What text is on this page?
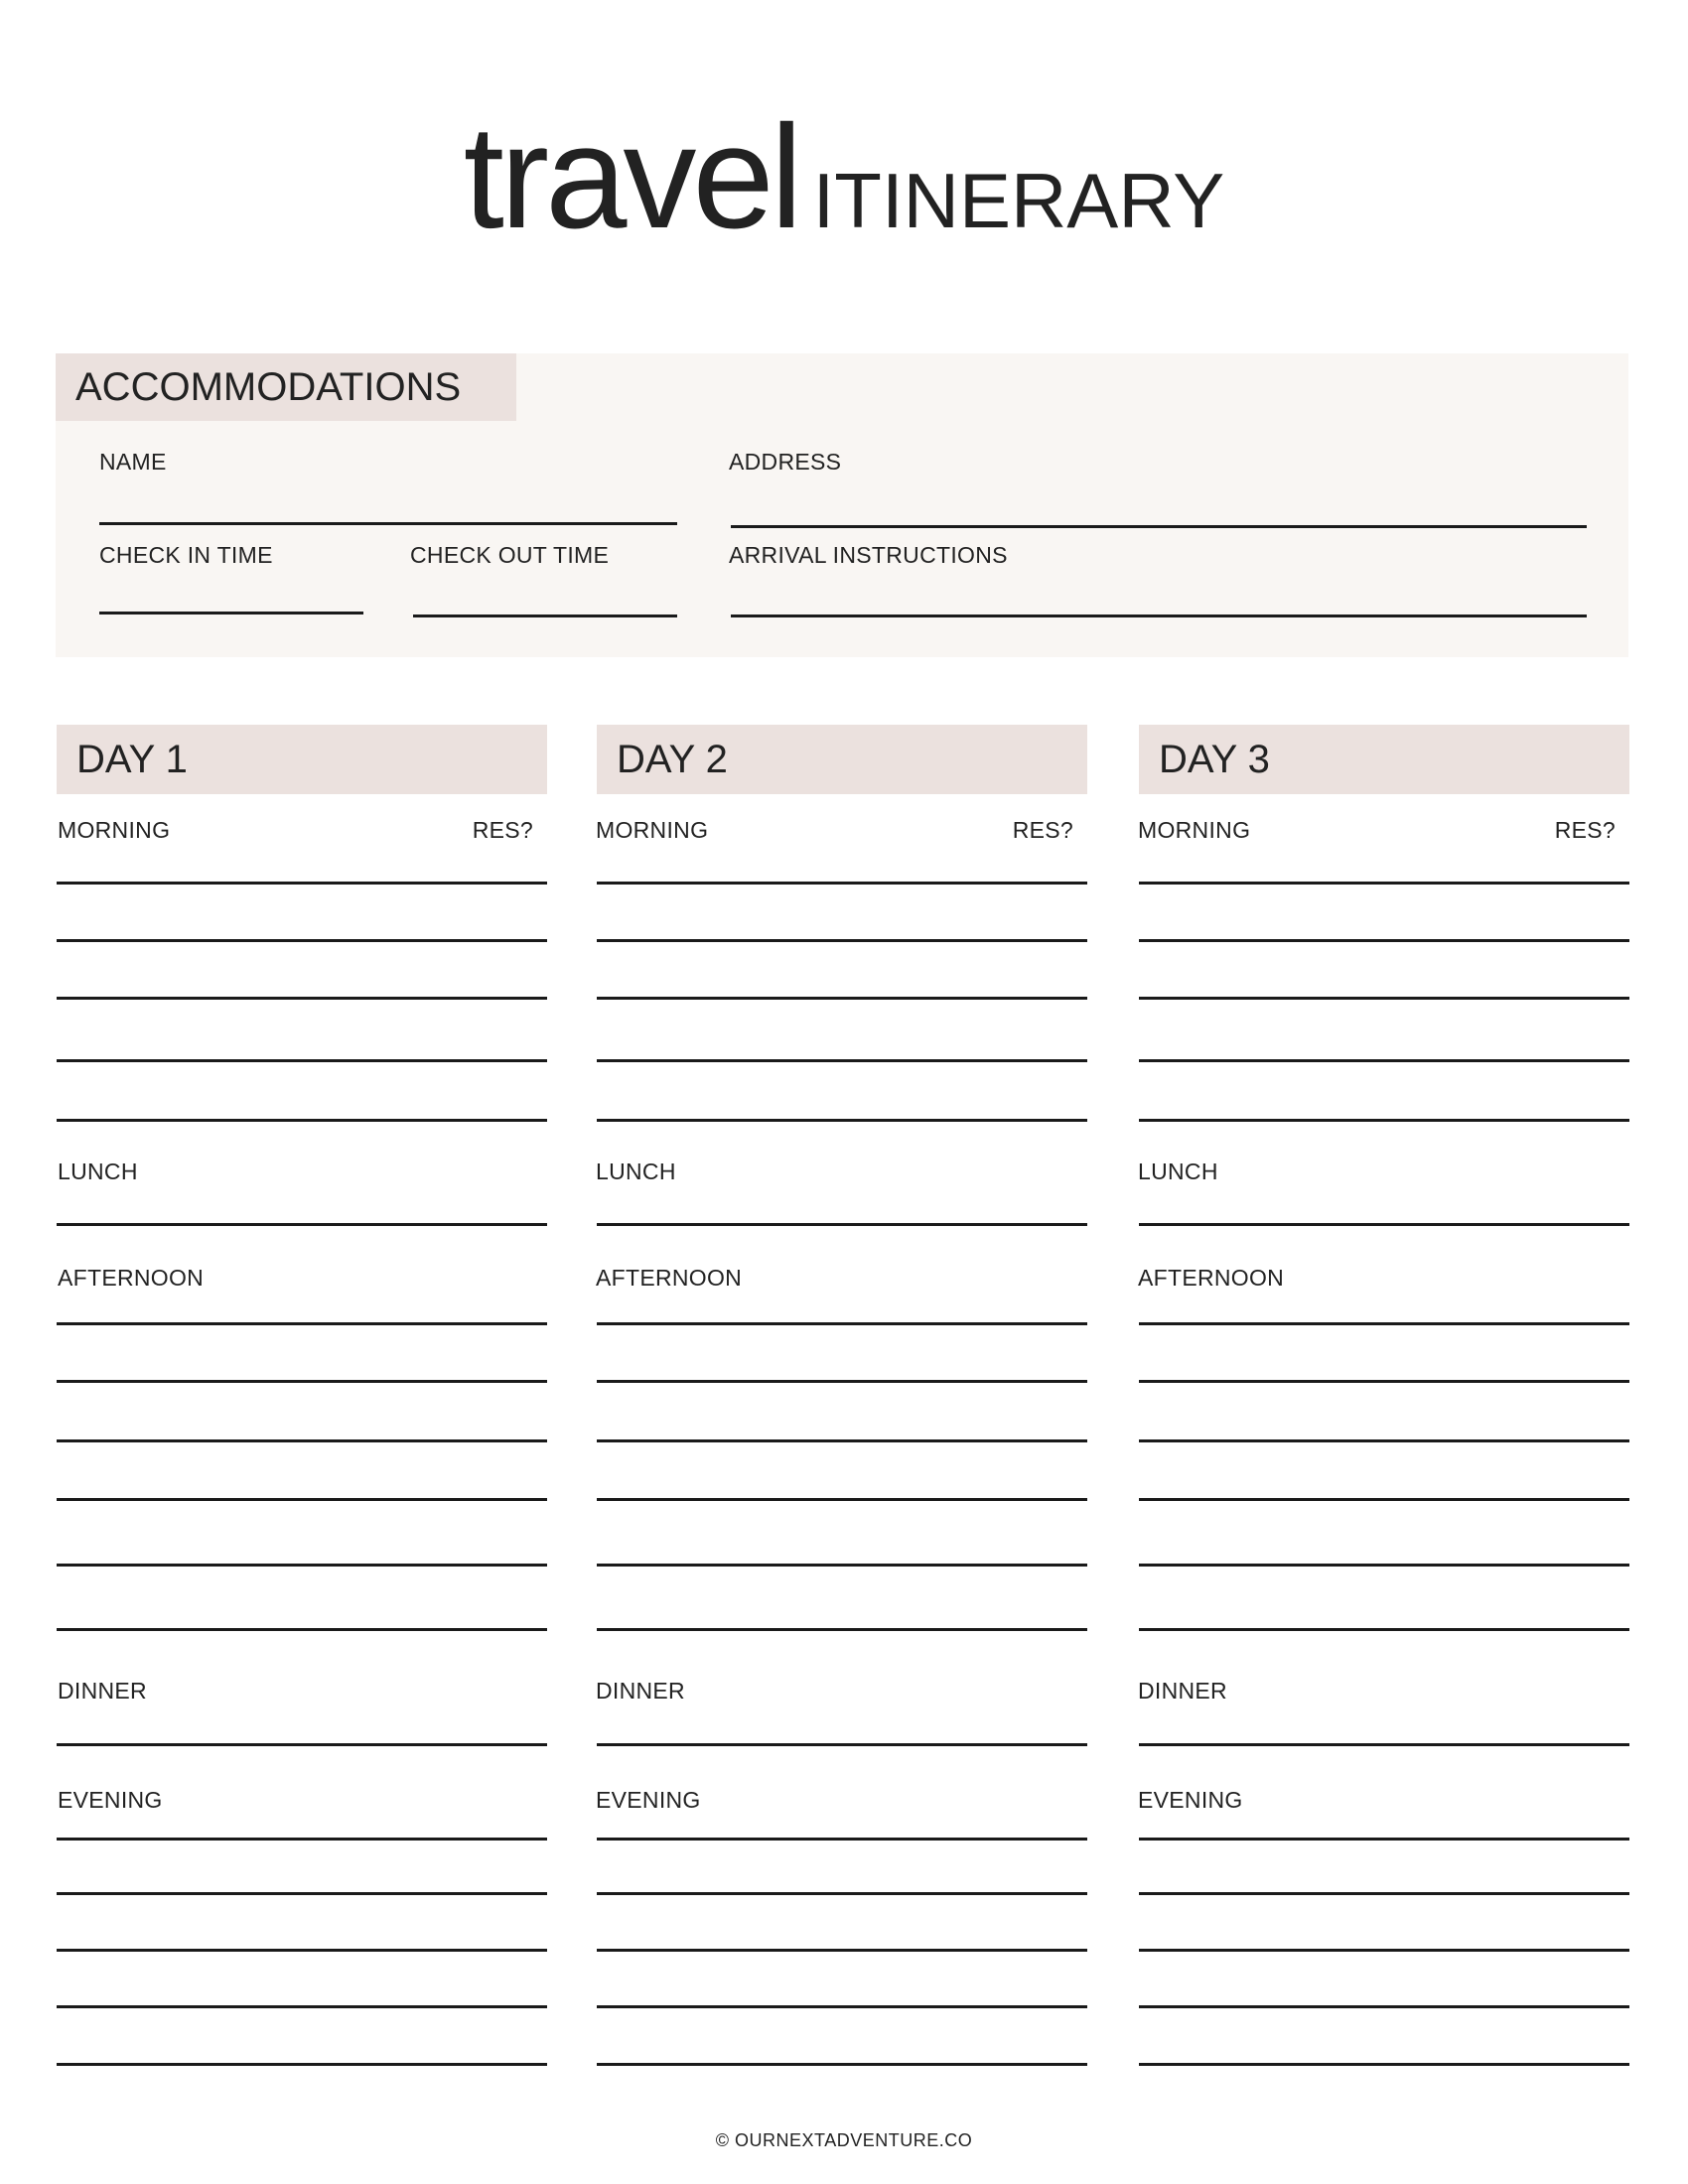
travel ITINERARY
ACCOMMODATIONS
NAME	ADDRESS
CHECK IN TIME	CHECK OUT TIME	ARRIVAL INSTRUCTIONS
DAY 1
MORNING	RES?
LUNCH
AFTERNOON
DINNER
EVENING
DAY 2
MORNING	RES?
LUNCH
AFTERNOON
DINNER
EVENING
DAY 3
MORNING	RES?
LUNCH
AFTERNOON
DINNER
EVENING
© OURNEXTADVENTURE.CO
